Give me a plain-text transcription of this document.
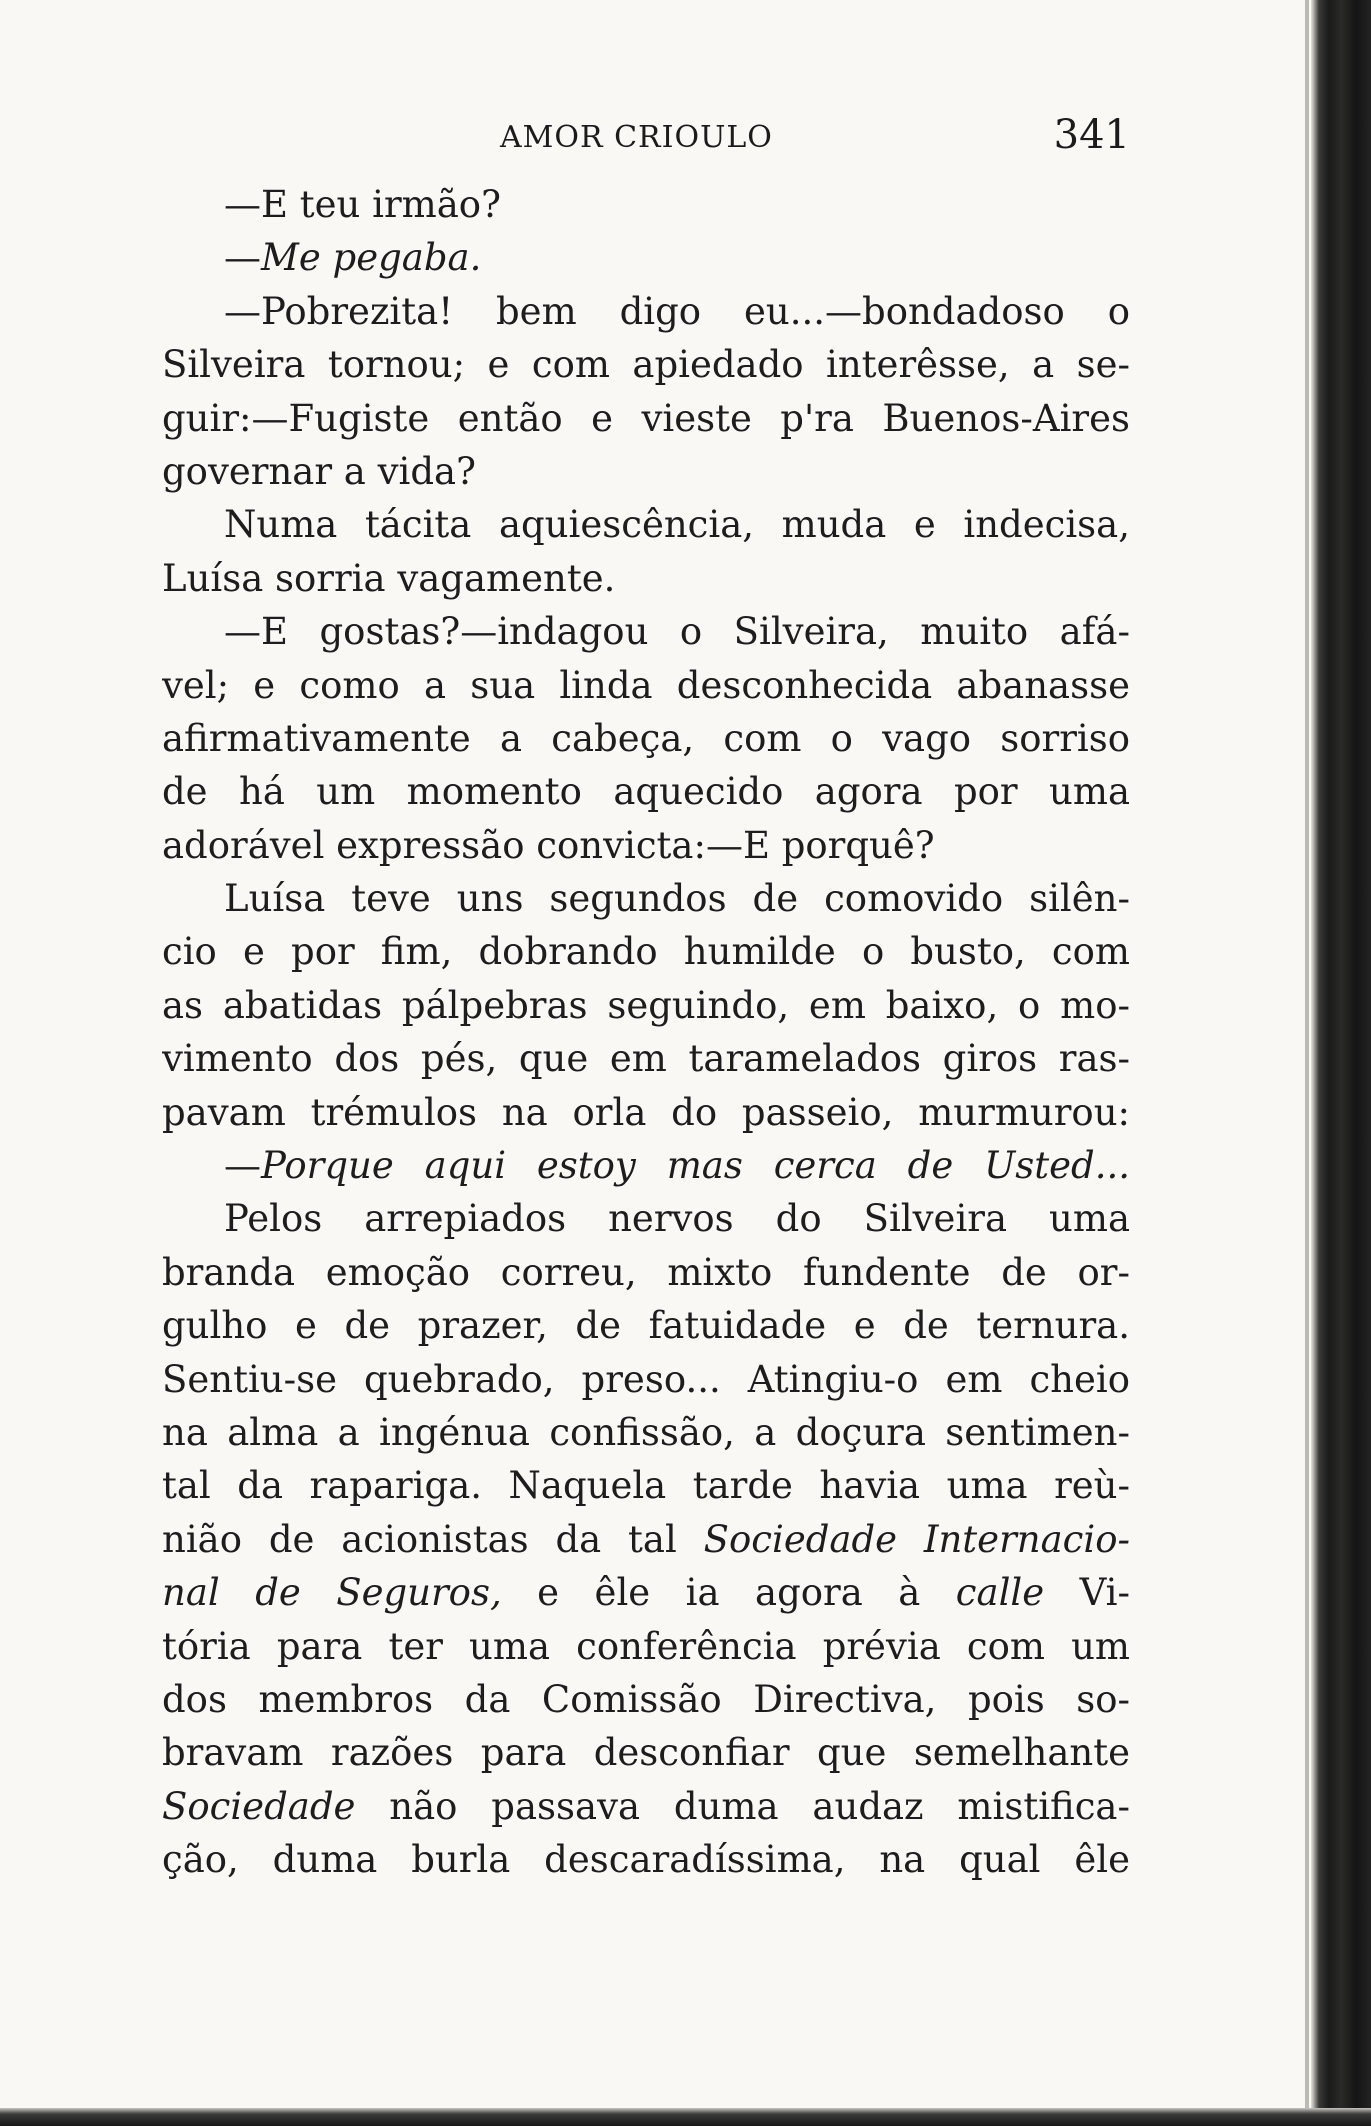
AMOR CRIOULO	341
—E teu irmão?
—Me pegaba.
—Pobrezita! bem digo eu...—bondadoso o
Silveira tornou; e com apiedado interêsse, a se-
guir:—Fugiste então e vieste p'ra Buenos-Aires
governar a vida?
Numa tácita aquiescência, muda e indecisa,
Luísa sorria vagamente.
—E gostas?—indagou o Silveira, muito afá-
vel; e como a sua linda desconhecida abanasse
afirmativamente a cabeça, com o vago sorriso
de há um momento aquecido agora por uma
adorável expressão convicta:—E porquê?
Luísa teve uns segundos de comovido silên-
cio e por fim, dobrando humilde o busto, com
as abatidas pálpebras seguindo, em baixo, o mo-
vimento dos pés, que em taramelados giros ras-
pavam trémulos na orla do passeio, murmurou:
—Porque aqui estoy mas cerca de Usted...
Pelos arrepiados nervos do Silveira uma
branda emoção correu, mixto fundente de or-
gulho e de prazer, de fatuidade e de ternura.
Sentiu-se quebrado, preso... Atingiu-o em cheio
na alma a ingénua confissão, a doçura sentimen-
tal da rapariga. Naquela tarde havia uma reù-
nião de acionistas da tal Sociedade Internacio-
nal de Seguros, e êle ia agora à calle Vi-
tória para ter uma conferência prévia com um
dos membros da Comissão Directiva, pois so-
bravam razões para desconfiar que semelhante
Sociedade não passava duma audaz mistifica-
ção, duma burla descaradíssima, na qual êle
